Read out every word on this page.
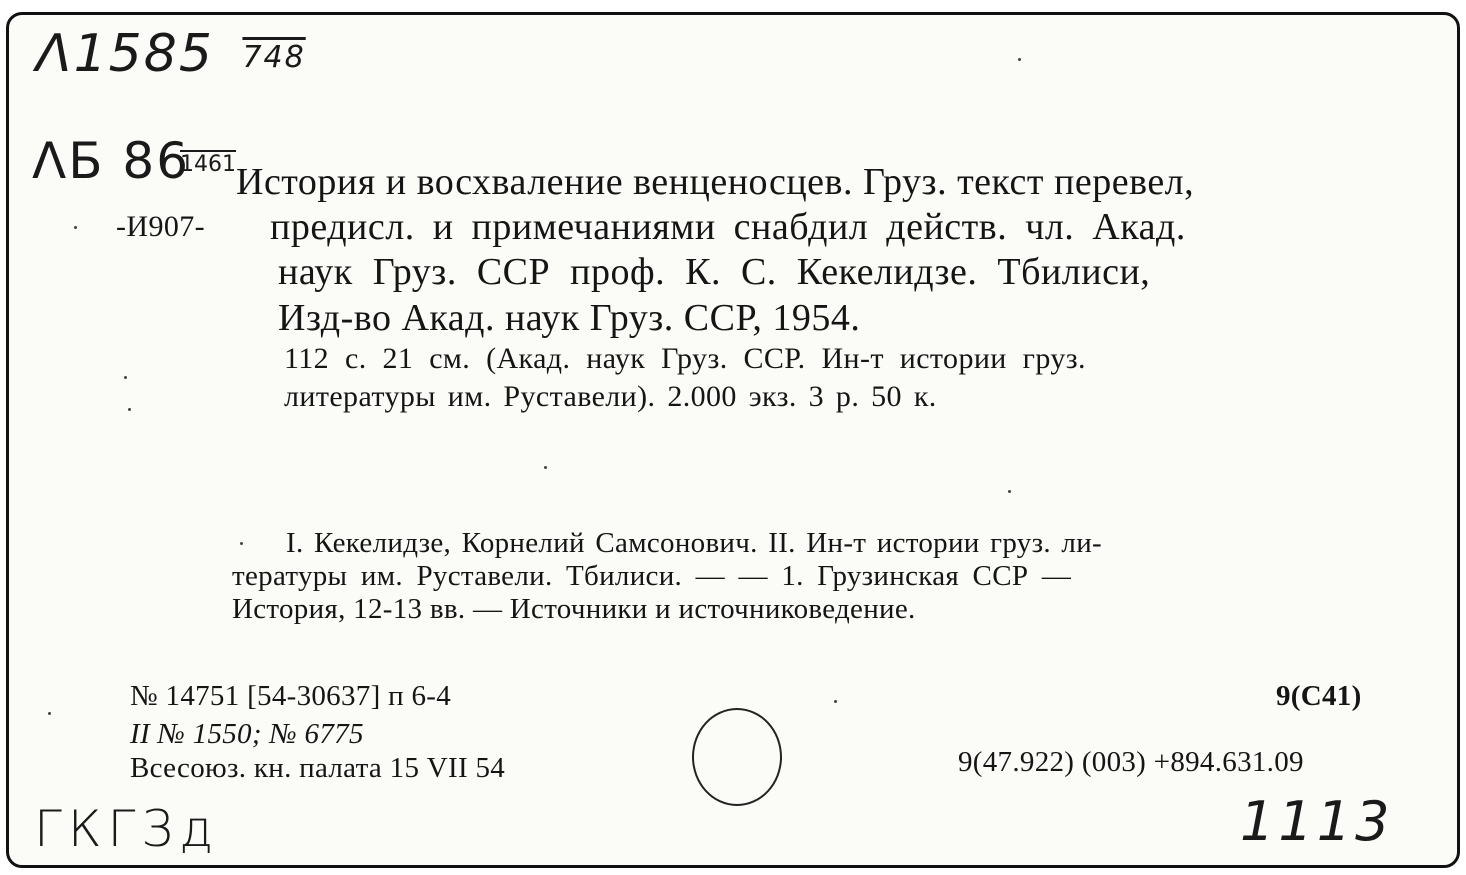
Λ1585 748
ΛБ 86
1461
ГКГЗд	1113
-И907-
История и восхваление венценосцев. Груз. текст перевел,
предисл. и примечаниями снабдил действ. чл. Акад.
наук Груз. ССР проф. К. С. Кекелидзе. Тбилиси,
Изд-во Акад. наук Груз. ССР, 1954.
112 с. 21 см. (Акад. наук Груз. ССР. Ин-т истории груз.
литературы им. Руставели). 2.000 экз. 3 р. 50 к.
I. Кекелидзе, Корнелий Самсонович. II. Ин-т истории груз. ли-
тературы им. Руставели. Тбилиси. — — 1. Грузинская ССР —
История, 12-13 вв. — Источники и источниковедение.
№ 14751 [54-30637] п 6-4
II № 1550; № 6775
Всесоюз. кн. палата 15 VII 54
9(С41)
9(47.922) (003) +894.631.09
